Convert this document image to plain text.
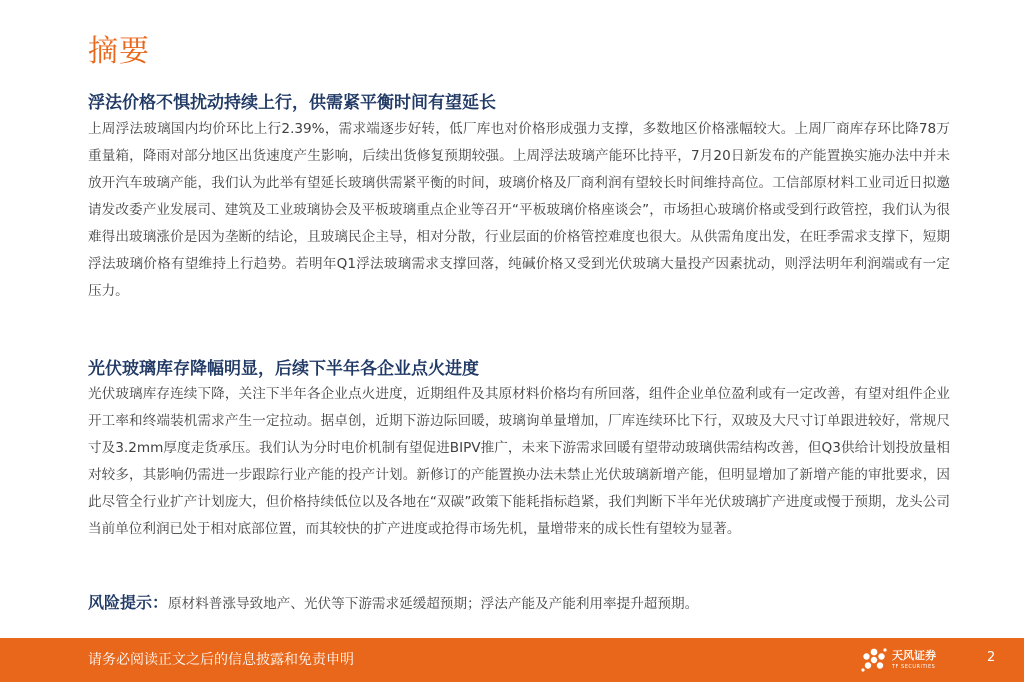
摘要
浮法价格不惧扰动持续上行，供需紧平衡时间有望延长
上周浮法玻璃国内均价环比上行2.39%，需求端逐步好转，低厂库也对价格形成强力支撑，多数地区价格涨幅较大。上周厂商库存环比降78万重量箱，降雨对部分地区出货速度产生影响，后续出货修复预期较强。上周浮法玻璃产能环比持平，7月20日新发布的产能置换实施办法中并未放开汽车玻璃产能，我们认为此举有望延长玻璃供需紧平衡的时间，玻璃价格及厂商利润有望较长时间维持高位。工信部原材料工业司近日拟邀请发改委产业发展司、建筑及工业玻璃协会及平板玻璃重点企业等召开“平板玻璃价格座谈会”，市场担心玻璃价格或受到行政管控，我们认为很难得出玻璃涨价是因为垄断的结论，且玻璃民企主导，相对分散，行业层面的价格管控难度也很大。从供需角度出发，在旺季需求支撑下，短期浮法玻璃价格有望维持上行趋势。若明年Q1浮法玻璃需求支撑回落，纯碱价格又受到光伏玻璃大量投产因素扰动，则浮法明年利润端或有一定压力。
光伏玻璃库存降幅明显，后续下半年各企业点火进度
光伏玻璃库存连续下降，关注下半年各企业点火进度，近期组件及其原材料价格均有所回落，组件企业单位盈利或有一定改善，有望对组件企业开工率和终端装机需求产生一定拉动。据卓创，近期下游边际回暖，玻璃询单量增加，厂库连续环比下行，双玻及大尺寸订单跟进较好，常规尺寸及3.2mm厚度走货承压。我们认为分时电价机制有望促进BIPV推广，未来下游需求回暖有望带动玻璃供需结构改善，但Q3供给计划投放量相对较多，其影响仍需进一步跟踪行业产能的投产计划。新修订的产能置换办法未禁止光伏玻璃新增产能，但明显增加了新增产能的审批要求，因此尽管全行业扩产计划庞大，但价格持续低位以及各地在“双碳”政策下能耗指标趋紧，我们判断下半年光伏玻璃扩产进度或慢于预期，龙头公司当前单位利润已处于相对底部位置，而其较快的扩产进度或抢得市场先机，量增带来的成长性有望较为显著。
风险提示：原材料普涨导致地产、光伏等下游需求延缓超预期；浮法产能及产能利用率提升超预期。
请务必阅读正文之后的信息披露和免责申明	天风证券
TF SECURITIES
2
